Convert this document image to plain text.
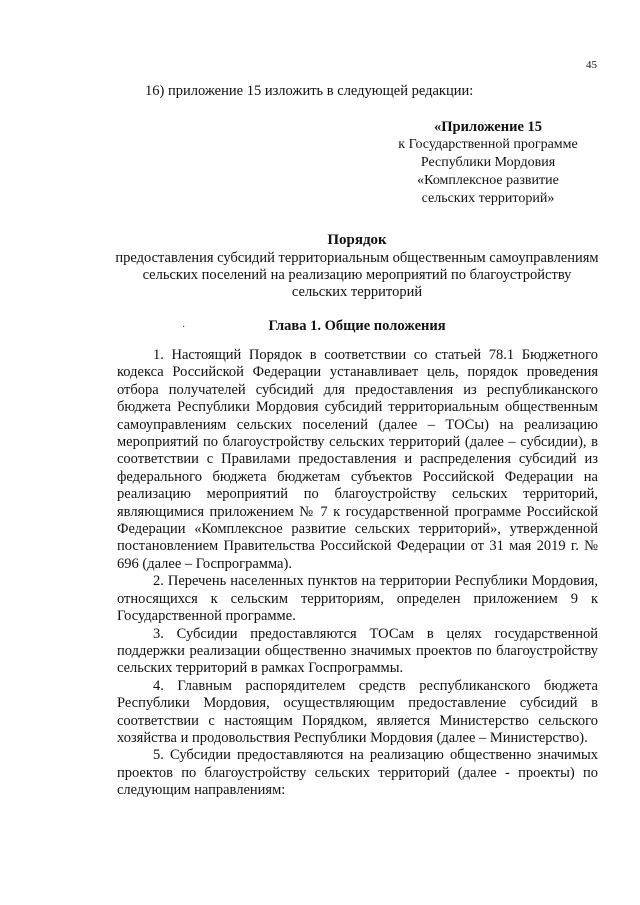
45
16) приложение 15 изложить в следующей редакции:
«Приложение 15
к Государственной программе
Республики Мордовия
«Комплексное развитие
сельских территорий»
Порядок
предоставления субсидий территориальным общественным самоуправлениям
сельских поселений на реализацию мероприятий по благоустройству
сельских территорий
·	Глава 1. Общие положения

1. Настоящий Порядок в соответствии со статьей 78.1 Бюджетного кодекса Российской Федерации устанавливает цель, порядок проведения отбора получателей субсидий для предоставления из республиканского бюджета Республики Мордовия субсидий территориальным общественным самоуправлениям сельских поселений (далее – ТОСы) на реализацию мероприятий по благоустройству сельских территорий (далее – субсидии), в соответствии с Правилами предоставления и распределения субсидий из федерального бюджета бюджетам субъектов Российской Федерации на реализацию мероприятий по благоустройству сельских территорий, являющимися приложением № 7 к государственной программе Российской Федерации «Комплексное развитие сельских территорий», утвержденной постановлением Правительства Российской Федерации от 31 мая 2019 г. № 696 (далее – Госпрограмма).

2. Перечень населенных пунктов на территории Республики Мордовия, относящихся к сельским территориям, определен приложением 9 к Государственной программе.

3. Субсидии предоставляются ТОСам в целях государственной поддержки реализации общественно значимых проектов по благоустройству сельских территорий в рамках Госпрограммы.

4. Главным распорядителем средств республиканского бюджета Республики Мордовия, осуществляющим предоставление субсидий в соответствии с настоящим Порядком, является Министерство сельского хозяйства и продовольствия Республики Мордовия (далее – Министерство).

5. Субсидии предоставляются на реализацию общественно значимых проектов по благоустройству сельских территорий (далее - проекты) по следующим направлениям:
